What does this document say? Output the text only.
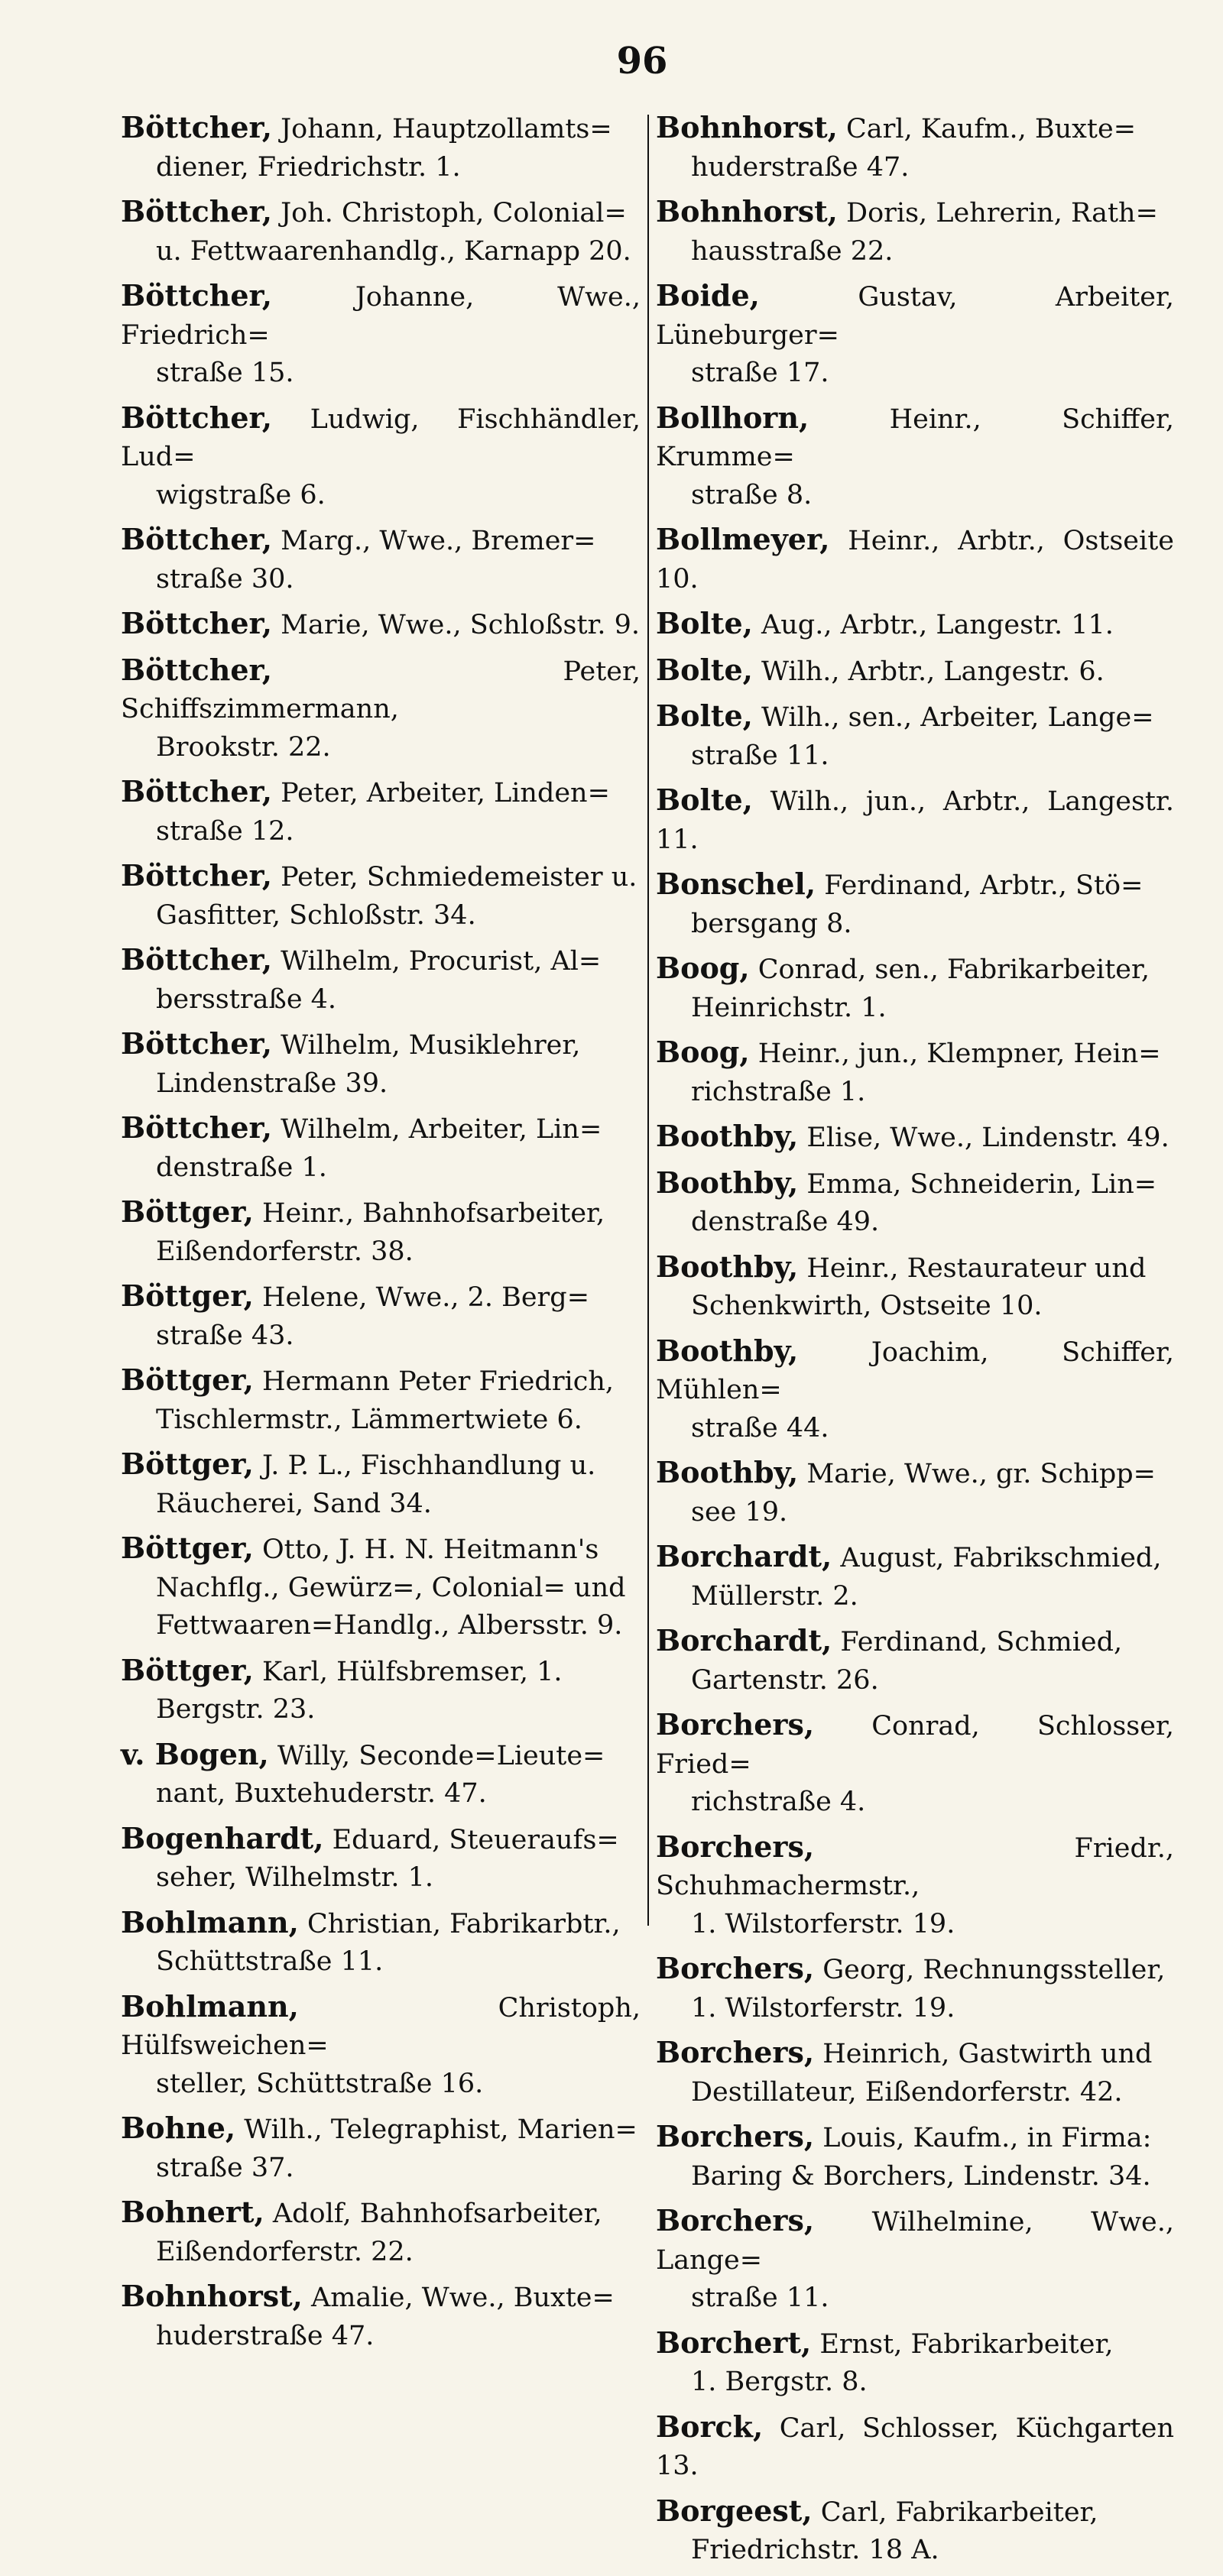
96
Böttcher, Johann, Hauptzollamts=
diener, Friedrichstr. 1.
Böttcher, Joh. Christoph, Colonial=
u. Fettwaarenhandlg., Karnapp 20.
Böttcher, Johanne, Wwe., Friedrich=
straße 15.
Böttcher, Ludwig, Fischhändler, Lud=
wigstraße 6.
Böttcher, Marg., Wwe., Bremer=
straße 30.
Böttcher, Marie, Wwe., Schloßstr. 9.
Böttcher, Peter, Schiffszimmermann,
Brookstr. 22.
Böttcher, Peter, Arbeiter, Linden=
straße 12.
Böttcher, Peter, Schmiedemeister u.
Gasfitter, Schloßstr. 34.
Böttcher, Wilhelm, Procurist, Al=
bersstraße 4.
Böttcher, Wilhelm, Musiklehrer,
Lindenstraße 39.
Böttcher, Wilhelm, Arbeiter, Lin=
denstraße 1.
Böttger, Heinr., Bahnhofsarbeiter,
Eißendorferstr. 38.
Böttger, Helene, Wwe., 2. Berg=
straße 43.
Böttger, Hermann Peter Friedrich,
Tischlermstr., Lämmertwiete 6.
Böttger, J. P. L., Fischhandlung u.
Räucherei, Sand 34.
Böttger, Otto, J. H. N. Heitmann's
Nachflg., Gewürz=, Colonial= und
Fettwaaren=Handlg., Albersstr. 9.
Böttger, Karl, Hülfsbremser, 1.
Bergstr. 23.
v. Bogen, Willy, Seconde=Lieute=
nant, Buxtehuderstr. 47.
Bogenhardt, Eduard, Steueraufs=
seher, Wilhelmstr. 1.
Bohlmann, Christian, Fabrikarbtr.,
Schüttstraße 11.
Bohlmann, Christoph, Hülfsweichen=
steller, Schüttstraße 16.
Bohne, Wilh., Telegraphist, Marien=
straße 37.
Bohnert, Adolf, Bahnhofsarbeiter,
Eißendorferstr. 22.
Bohnhorst, Amalie, Wwe., Buxte=
huderstraße 47.
Bohnhorst, Carl, Kaufm., Buxte=
huderstraße 47.
Bohnhorst, Doris, Lehrerin, Rath=
hausstraße 22.
Boide, Gustav, Arbeiter, Lüneburger=
straße 17.
Bollhorn, Heinr., Schiffer, Krumme=
straße 8.
Bollmeyer, Heinr., Arbtr., Ostseite 10.
Bolte, Aug., Arbtr., Langestr. 11.
Bolte, Wilh., Arbtr., Langestr. 6.
Bolte, Wilh., sen., Arbeiter, Lange=
straße 11.
Bolte, Wilh., jun., Arbtr., Langestr. 11.
Bonschel, Ferdinand, Arbtr., Stö=
bersgang 8.
Boog, Conrad, sen., Fabrikarbeiter,
Heinrichstr. 1.
Boog, Heinr., jun., Klempner, Hein=
richstraße 1.
Boothby, Elise, Wwe., Lindenstr. 49.
Boothby, Emma, Schneiderin, Lin=
denstraße 49.
Boothby, Heinr., Restaurateur und
Schenkwirth, Ostseite 10.
Boothby, Joachim, Schiffer, Mühlen=
straße 44.
Boothby, Marie, Wwe., gr. Schipp=
see 19.
Borchardt, August, Fabrikschmied,
Müllerstr. 2.
Borchardt, Ferdinand, Schmied,
Gartenstr. 26.
Borchers, Conrad, Schlosser, Fried=
richstraße 4.
Borchers, Friedr., Schuhmachermstr.,
1. Wilstorferstr. 19.
Borchers, Georg, Rechnungssteller,
1. Wilstorferstr. 19.
Borchers, Heinrich, Gastwirth und
Destillateur, Eißendorferstr. 42.
Borchers, Louis, Kaufm., in Firma:
Baring & Borchers, Lindenstr. 34.
Borchers, Wilhelmine, Wwe., Lange=
straße 11.
Borchert, Ernst, Fabrikarbeiter,
1. Bergstr. 8.
Borck, Carl, Schlosser, Küchgarten 13.
Borgeest, Carl, Fabrikarbeiter,
Friedrichstr. 18 A.
